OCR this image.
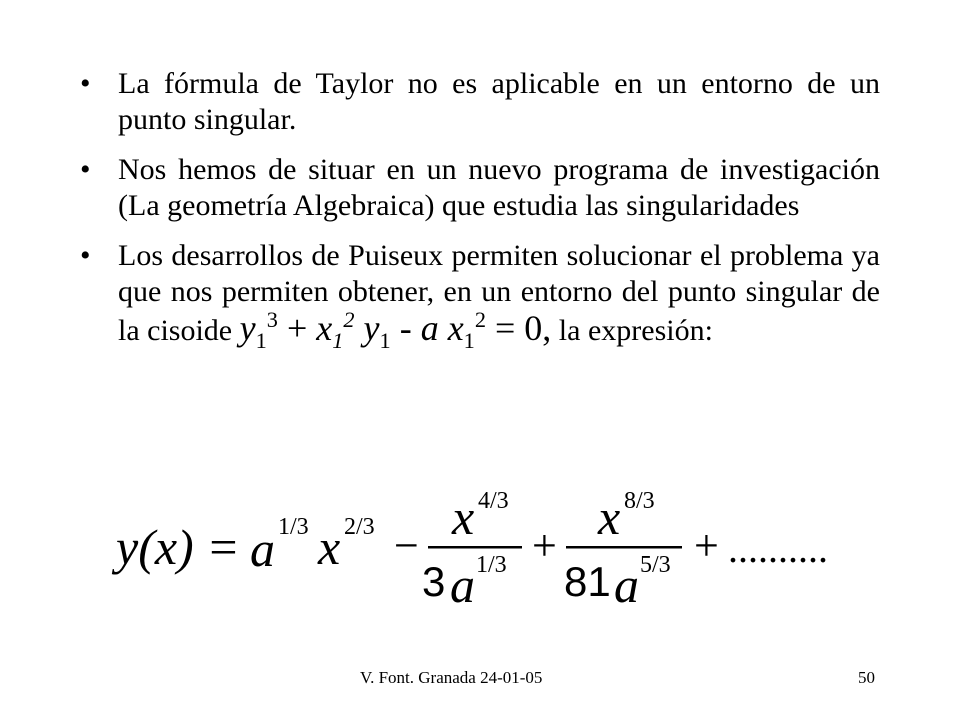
• La fórmula de Taylor no es aplicable en un entorno de un punto singular.
• Nos hemos de situar en un nuevo programa de investigación (La geometría Algebraica) que estudia las singularidades
• Los desarrollos de Puiseux permiten solucionar el problema ya que nos permiten obtener, en un entorno del punto singular de la cisoide $y_1^3 + x_1^2$ $y_1$ - a $x_1^2 = 0$, la expresión:
y(x) = a 1/3 x 2/3 −
x 4/3
3 a 1/3 +
x 8/3
81 a 5/3 + ..........
V. Font. Granada 24-01-05	50
